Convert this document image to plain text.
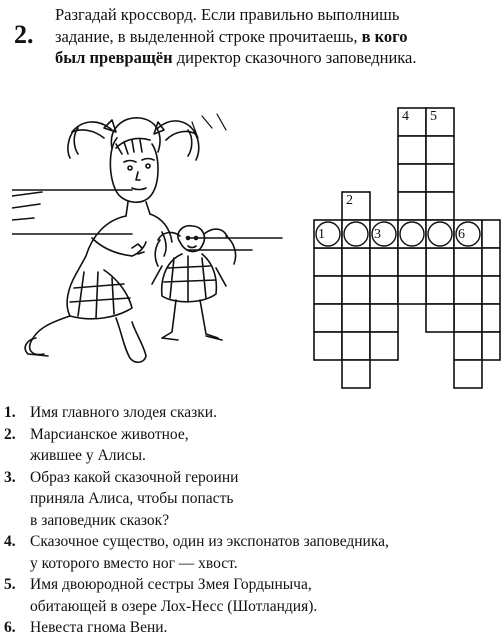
2.
Разгадай кроссворд. Если правильно выполнишь
задание, в выделенной строке прочитаешь, в кого
был превращён директор сказочного заповедника.
1
2
3
4 5
6
1. Имя главного злодея сказки.
2. Марсианское животное,
жившее у Алисы.
3. Образ какой сказочной героини
приняла Алиса, чтобы попасть
в заповедник сказок?
4. Сказочное существо, один из экспонатов заповедника,
у которого вместо ног — хвост.
5. Имя двоюродной сестры Змея Гордыныча,
обитающей в озере Лох-Несс (Шотландия).
6. Невеста гнома Вени.
